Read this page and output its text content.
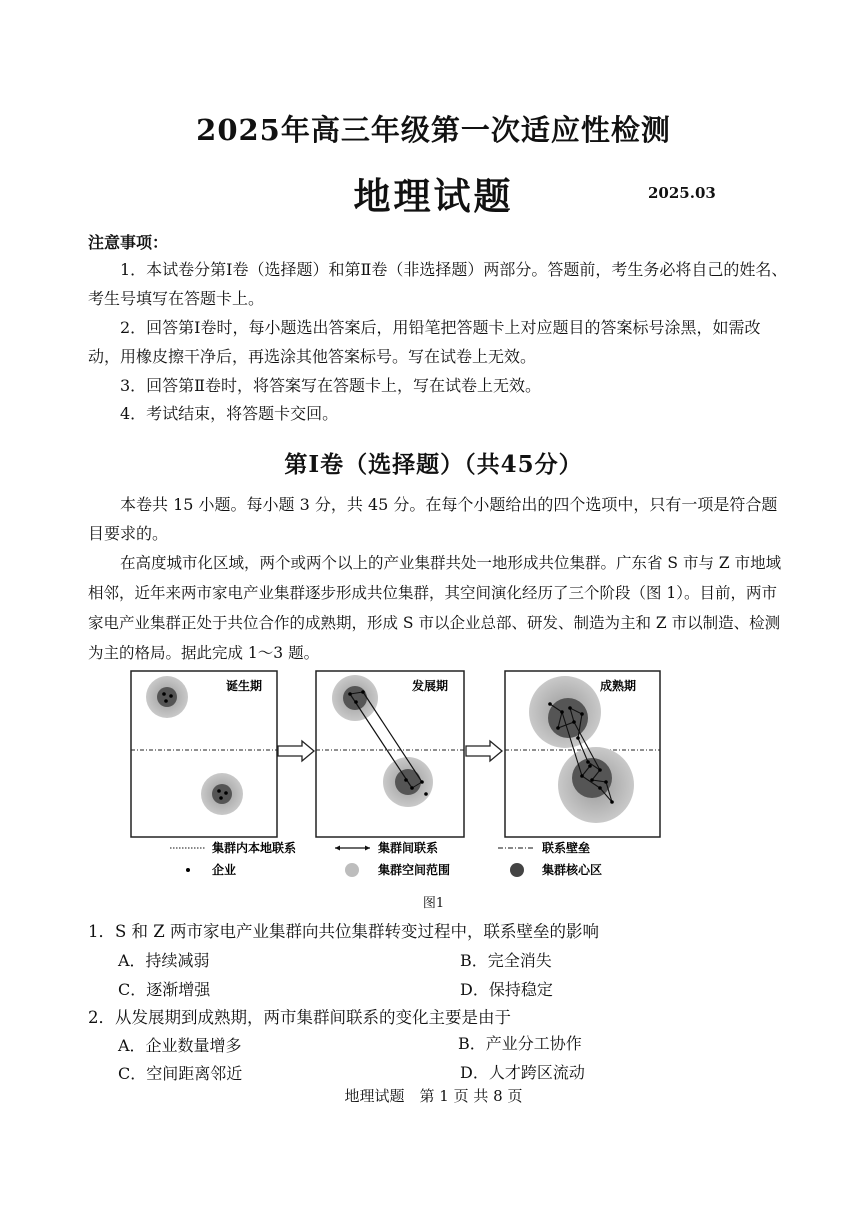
2025年高三年级第一次适应性检测
地理试题	2025.03
注意事项：
1．本试卷分第Ⅰ卷（选择题）和第Ⅱ卷（非选择题）两部分。答题前，考生务必将自己的姓名、考生号填写在答题卡上。
2．回答第Ⅰ卷时，每小题选出答案后，用铅笔把答题卡上对应题目的答案标号涂黑，如需改动，用橡皮擦干净后，再选涂其他答案标号。写在试卷上无效。
3．回答第Ⅱ卷时，将答案写在答题卡上，写在试卷上无效。
4．考试结束，将答题卡交回。
第Ⅰ卷（选择题）（共45分）
本卷共 15 小题。每小题 3 分，共 45 分。在每个小题给出的四个选项中，只有一项是符合题目要求的。
在高度城市化区域，两个或两个以上的产业集群共处一地形成共位集群。广东省 S 市与 Z 市地域相邻，近年来两市家电产业集群逐步形成共位集群，其空间演化经历了三个阶段（图 1）。目前，两市家电产业集群正处于共位合作的成熟期，形成 S 市以企业总部、研发、制造为主和 Z 市以制造、检测为主的格局。据此完成 1～3 题。
诞生期	发展期	成熟期
集群内本地联系	集群间联系	联系壁垒
企业	集群空间范围	集群核心区
图1
1．S 和 Z 两市家电产业集群向共位集群转变过程中，联系壁垒的影响
A．持续减弱	B．完全消失
C．逐渐增强	D．保持稳定
2．从发展期到成熟期，两市集群间联系的变化主要是由于
A．企业数量增多	B．产业分工协作
C．空间距离邻近	D．人才跨区流动
地理试题　第 1 页 共 8 页
